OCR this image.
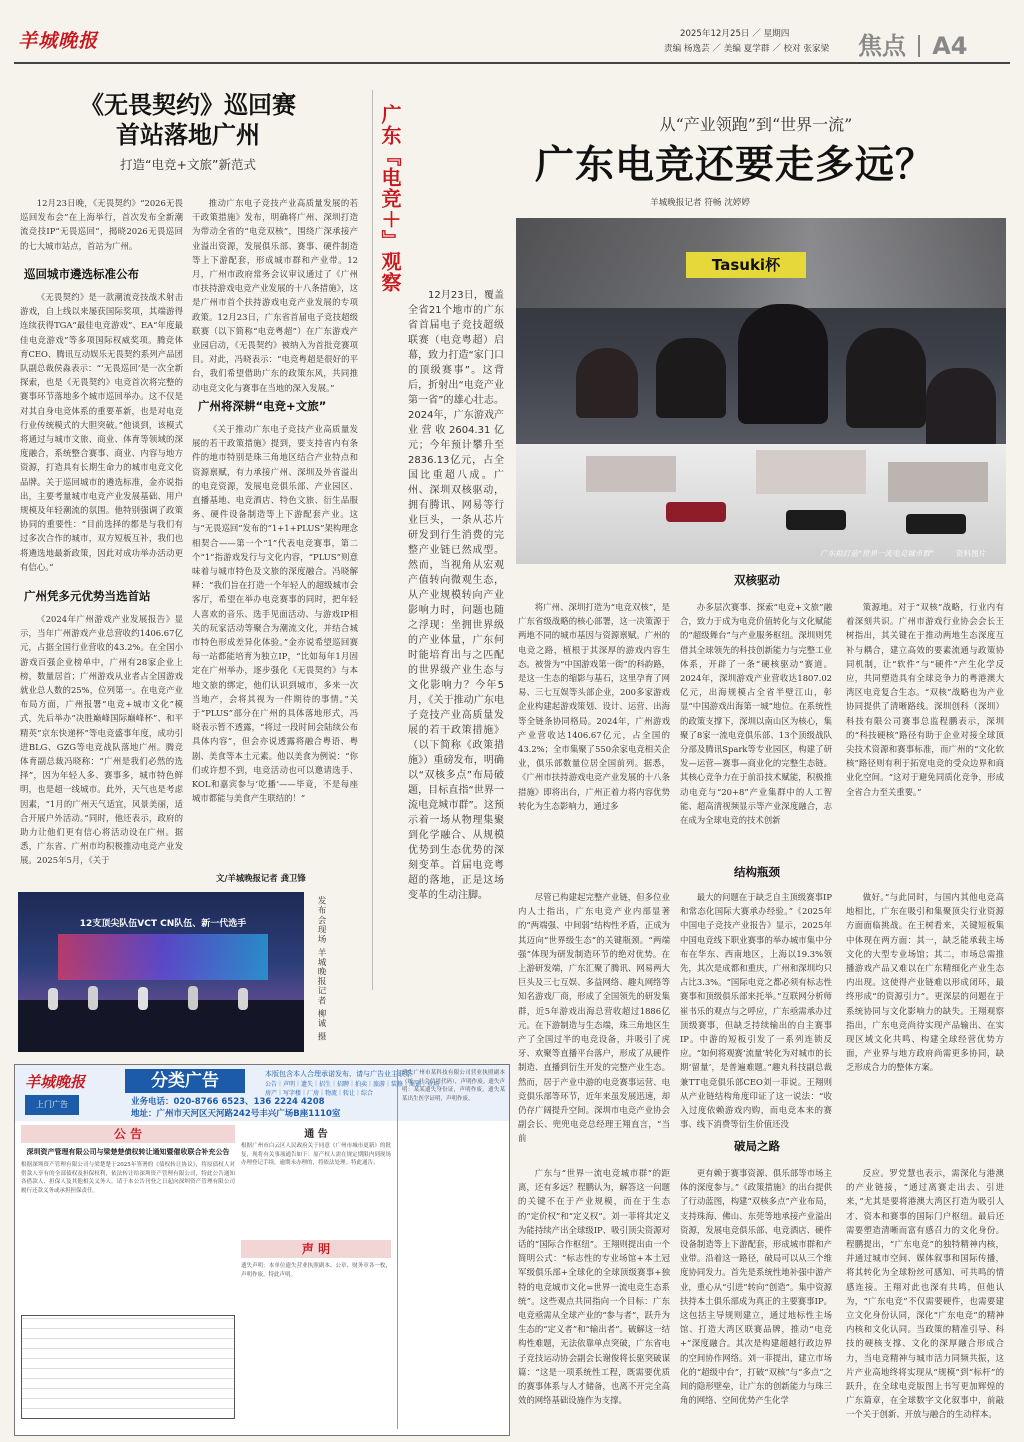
羊城晚报	2025年12月25日 ／ 星期四
责编 杨逸芸 ／ 美编 夏学群 ／ 校对 张家梁 焦点 A4
《无畏契约》巡回赛
首站落地广州
打造“电竞+文旅”新范式

12月23日晚，《无畏契约》“2026无畏巡回发布会”在上海举行，首次发布全新潮流竞技IP“无畏巡回”，揭晓2026无畏巡回的七大城市站点，首站为广州。

巡回城市遴选标准公布

《无畏契约》是一款潮流竞技战术射击游戏，自上线以来屡获国际奖项，其端游得连续获得TGA“最佳电竞游戏”、EA“年度最佳电竞游戏”等多项国际权威奖项。腾竞体育CEO、腾讯互动娱乐无畏契约系列产品团队副总裁侯淼表示：“‘无畏巡回’是一次全新探索，也是《无畏契约》电竞首次将完整的赛事环节落地多个城市巡回举办。这不仅是对其自身电竞体系的重要革新，也是对电竞行业传统模式的大胆突破。”他谈到，该模式将通过与城市文旅、商业、体育等领域的深度融合，系统整合赛事、商业、内容与地方资源，打造具有长期生命力的城市电竞文化品牌。关于巡回城市的遴选标准，金亦说指出，主要考量城市电竞产业发展基础、用户规模及年轻潮流的氛围。他特别强调了政策协同的重要性：“目前选择的都是与我们有过多次合作的城市，双方短板互补，我们也将遴选地最新政策，因此对成功举办活动更有信心。”

广州凭多元优势当选首站

《2024年广州游戏产业发展报告》显示，当年广州游戏产业总营收约1406.67亿元，占据全国行业营收的43.2%。在全国小游戏百强企业榜单中，广州有28家企业上榜，数量居首；广州游戏从业者占全国游戏就业总人数的25%，位列第一。在电竞产业布局方面，广州报署“电竞+城市文化”模式，先后举办“决胜巅峰国际巅峰杯”、和平精英“京东快递杯”等电竞盛事年度，成功引进BLG、GZG等电竞战队落地广州。腾竞体育副总裁冯晓称：“广州是我们必然的选择”，因为年轻人多、赛事多，城市特色鲜明，也是超一线城市。此外，天气也是考虑因素，“1月的广州天气适宜，风景美丽，适合开展户外活动。”同时，他还表示，政府的助力让他们更有信心将活动设在广州。据悉，广东省、广州市均积极推动电竞产业发展。2025年5月，《关于

推动广东电子竞技产业高质量发展的若干政策措施》发布，明确将广州、深圳打造为带动全省的“电竞双核”，围绕广深承接产业溢出资源，发展俱乐部、赛事、硬件制造等上下游配套，形成城市群和产业带。12月，广州市政府常务会议审议通过了《广州市扶持游戏电竞产业发展的十八条措施》，这是广州市首个扶持游戏电竞产业发展的专项政策。12月23日，广东省首届电子竞技超级联赛（以下简称“电竞粤超”）在广东游戏产业园启动，《无畏契约》被纳入为首批竞赛项目。对此，冯晓表示：“电竞粤超是很好的平台，我们希望借助广东的政策东风，共同推动电竞文化与赛事在当地的深入发展。”

广州将深耕“电竞+文旅”

《关于推动广东电子竞技产业高质量发展的若干政策措施》提到，要支持省内有条件的地市特别是珠三角地区结合产业特点和资源禀赋，有力承接广州、深圳及外省溢出的电竞资源，发展电竞俱乐部、产业园区、直播基地、电竞酒店、特色文旅、衍生品服务、硬件设备制造等上下游配套产业。这与“无畏巡回”发布的“1+1+PLUS”架构理念相契合——第一个“1”代表电竞赛事，第二个“1”指游戏发行与文化内容，“PLUS”则意味着与城市特色及文旅的深度融合。冯晓解释：“我们旨在打造一个年轻人的超级城市会客厅，希望在举办电竞赛事的同时，把年轻人喜欢的音乐、选手见面活动、与游戏IP相关的玩家活动等聚合为潮流文化，并结合城市特色形成差异化体验。”金亦说希望巡回赛每一站都能培育为独立IP，“比如每年1月固定在广州举办，逐步强化《无畏契约》与本地文旅的绑定，他们认识到城市，多来一次当地产，会将其视为一件期待的事情。”关于“PLUS”部分在广州的具体落地形式，冯晓表示暂不透露，“将过一段时间会陆续公布具体内容”，但会亦说透露将融合粤语、粤剧、美食等本土元素。他以美食为例说：“你们或许想不到，电竞活动也可以邀请选手、KOL和嘉宾参与‘吃播’——毕竟，不是每座城市都能与美食产生联结的！”

文/羊城晚报记者 龚卫锋
12支顶尖队伍VCT CN队伍、新一代选手	发布会现场 羊城晚报记者 柳诚 摄
广东『电竞＋』观察

12月23日，覆盖全省21个地市的广东省首届电子竞技超级联赛（电竞粤超）启幕，致力打造“家门口的顶级赛事”。这背后，折射出“电竞产业第一省”的雄心壮志。2024年，广东游戏产业营收2604.31亿元；今年预计攀升至2836.13亿元，占全国比重超八成。广州、深圳双核驱动，拥有腾讯、网易等行业巨头，一条从芯片研发到行生消费的完整产业链已然成型。然而，当视角从宏观产值转向微观生态，从产业规模转向产业影响力时，问题也随之浮现：坐拥世界级的产业体量，广东何时能培育出与之匹配的世界级产业生态与文化影响力？今年5月，《关于推动广东电子竞技产业高质量发展的若干政策措施》（以下简称《政策措施》）重磅发布，明确以“双核多点”布局破题，目标直指“世界一流电竞城市群”。这预示着一场从物理集聚到化学融合、从规模优势到生态优势的深刻变革。首届电竞粤超的落地，正是这场变革的生动注脚。

从“产业领跑”到“世界一流”
广东电竞还要走多远？
羊城晚报记者 符畅 沈婷婷
Tasuki杯
广东拟打造“世界一流电竞城市群”	资料图片
双核驱动

将广州、深圳打造为“电竞双核”，是广东省级战略的核心部署，这一决策源于两地不同的城市基因与资源禀赋。广州的电竞之路，植根于其深厚的游戏内容生态。被誉为“中国游戏第一街”的科韵路，是这一生态的缩影与基石，这里孕育了网易、三七互娱等头部企业，200多家游戏企业构建起游戏策划、设计、运营、出海等全链条协同格局。2024年，广州游戏产业营收达1406.67亿元，占全国的43.2%；全市集聚了550余家电竞相关企业，俱乐部数量位居全国前列。据悉，《广州市扶持游戏电竞产业发展的十八条措施》即将出台，广州正着力将内容优势转化为生态影响力，通过多

办多层次赛事、探索“电竞+文旅”融合，致力于成为电竞价值转化与文化赋能的“超级舞台”与产业服务枢纽。深圳则凭借其全球领先的科技创新能力与完整工业体系，开辟了一条“硬核驱动”赛道。2024年，深圳游戏产业营收达1807.02亿元，出海规模占全省半壁江山，彰显“中国游戏出海第一城”地位。在系统性的政策支撑下，深圳以南山区为核心，集聚了8家一流电竞俱乐部、13个顶级战队分部及腾讯Spark等专业园区，构建了研发—运营—赛事—商业化的完整生态链。其核心竞争力在于前沿技术赋能，积极推动电竞与“20+8”产业集群中的人工智能、超高清视频显示等产业深度融合，志在成为全球电竞的技术创新

策源地。对于“双核”战略，行业内有着深刻共识。广州市游戏行业协会会长王树指出，其关键在于推动两地生态深度互补与耦合，建立高效的要素流通与政策协同机制，让“软件”与“硬件”产生化学反应，共同塑造具有全球竞争力的粤港澳大湾区电竞复合生态。“双核”战略也为产业协同提供了清晰路线。深圳创科（深圳）科技有限公司赛事总监程鹏表示，深圳的“科技硬核”路径有助于企业对接全球顶尖技术资源和赛事标准，而广州的“文化软核”路径则有利于拓宽电竞的受众边界和商业化空间。“这对于避免同质化竞争，形成全省合力至关重要。”

结构瓶颈

尽管已构建起完整产业链，但多位业内人士指出，广东电竞产业内部显著的“两端强、中间弱”结构性矛盾，正成为其迈向“世界级生态”的关键瓶颈。“两端强”体现为研发制造环节的绝对优势。在上游研发端，广东汇聚了腾讯、网易两大巨头及三七互娱、多益网络、趣丸网络等知名游戏厂商，形成了全国领先的研发集群，近5年游戏出海总营收超过1886亿元。在下游制造与生态端，珠三角地区生产了全国过半的电竞设备，并吸引了虎牙、欢聚等直播平台落户，形成了从硬件制造、直播到衍生开发的完整产业生态。然而，居于产业中游的电竞赛事运营、电竞俱乐部等环节，近年来虽发展迅速，却仍存广阔提升空间。深圳市电竞产业协会副会长、兜兜电竞总经理王翔直言，“当前

最大的问题在于缺乏自主顶级赛事IP和常态化国际大赛承办经验。”《2025年中国电子竞技产业报告》显示，2025年中国电竞线下职业赛事的举办城市集中分布在华东、西南地区，上海以19.3%领先，其次是成都和重庆，广州和深圳均只占比3.3%。“国际电竞之都必须有标志性赛事和顶级俱乐部来托举。”互联网分析师崔书乐的观点与之呼应，广东亟需承办过顶级赛事，但缺乏持续输出的自主赛事IP。中游的短板引发了一系列连锁反应。“如何将观赛‘流量’转化为对城市的长期‘留量’，是普遍难题。”趣丸科技副总裁兼TT电竞俱乐部CEO刘一菲说。王翔则从产业链结构角度印证了这一说法：“收入过度依赖游戏内购，而电竞本来的赛事、线下消费等衍生价值还没

做好。”与此同时，与国内其他电竞高地相比，广东在吸引和集聚顶尖行业资源方面面临挑战。在王树看来，关键短板集中体现在两方面：其一，缺乏能承载主场文化的大型专业场馆；其二，市场总需推播游戏产品又难以在广东精细化产业生态内出现。这使得产业链难以形成闭环，最终形成“的资源引力”。更深层的问题在于系统协同与文化影响力的缺失。王翔观察指出，广东电竞尚待实现产品输出、在实现区域文化共鸣、构建全球经营优势方面，产业界与地方政府尚需更多协同，缺乏形成合力的整体方案。

破局之路

广东与“世界一流电竞城市群”的距离，还有多远？程鹏认为，解答这一问题的关键不在于产业规模，而在于生态的“定价权”和“定义权”。刘一菲将其定义为能持续产出全球级IP、吸引顶尖资源对话的“国际合作枢纽”。王翔则提出由一个简明公式：“标志性的专业场馆+本土冠军级俱乐部+全球化的全球顶级赛事+独特的电竞城市文化=世界一流电竞生态系统”。这些观点共同指向一个目标：广东电竞亟需从全球产业的“参与者”，跃升为生态的“定义者”和“输出者”。破解这一结构性难题，无法依靠单点突破，广东省电子竞技运动协会副会长谢俊将长驱突破谋篇：“这是一项系统性工程，既需要优质的赛事体系与人才储备，也离不开完全高效的网络基础设施作为支撑。

更有赖于赛事资源、俱乐部等市场主体的深度参与。”《政策措施》的出台提供了行动蓝图，构建“双核多点”产业布局，支持珠海、佛山、东莞等地承接产业溢出资源，发展电竞俱乐部、电竞酒店、硬件设备制造等上下游配套，形成城市群和产业带。沿着这一路径，破局可以从三个维度协同发力。首先是系统性地补强中游产业，重心从“引进”转向“创造”。集中资源扶持本土俱乐部成为真正的主要赛事IP。这包括主导规则建立，通过地标性主场馆、打造大湾区联赛品牌，推动“电竞+”深度融合。其次是构建超越行政边界的空间协作网络。刘一菲提出，建立市场化的“超级中台”，打破“双核”与“多点”之间的隐形壁垒，让广东的创新能力与珠三角的网络、空间优势产生化学

反应。罗党慧也表示，需深化与港澳的产业链接，“通过离赛走出去、引进来，”尤其是要将港澳大湾区打造为吸引人才、资本和赛事的国际门户枢纽。最后还需要塑造清晰而富有感召力的文化身份。程鹏提出，“广东电竞”的独特精神内核，并通过城市空间、媒体叙事和国际传播，将其转化为全球粉丝可感知、可共鸣的情感连接。王翔对此也深有共鸣，但他认为，“广东电竞”不仅需要硬件，也需要建立文化身份认同，深化“广东电竞”的精神内核和文化认同。当政策的精准引导、科技的硬核支撑、文化的深厚融合形成合力，当电竞精神与城市活力同频共振，这片产业高地终将实现从“规模”到“标杆”的跃升，在全球电竞版图上书写更加辉煌的广东篇章，在全球数字文化叙事中，前敲一个关于创新、开放与融合的生动样本。

羊城晚报	分类广告	本版包含本人合理承诺发布、请与广告业主联系
公告｜声明｜遗失｜招生｜招聘｜拍卖｜旅游｜装修｜商铺｜市场｜房产｜写字楼｜厂房｜物流｜转让｜综合
上门广告	业务电话：020-8766 6523、136 2224 4208
地址：广州市天河区天河路242号丰兴广场B座1110室
公 告
深圳资产管理有限公司与梁楚楚债权转让通知暨催收联合补充公告
根据深圳资产管理有限公司与梁楚楚于2025年签署的《债权转让协议》，将原债权人对借款人享有的全部债权及担保权利，依法转让给深圳资产管理有限公司，特此公告通知各借款人、担保人及其他相关义务人。请于本公告刊登之日起向深圳资产管理有限公司履行还款义务或承担担保责任。
通 告
根据广州市白云区人民政府关于同意《广州市城市更新》的批复，现将有关事项通告如下：原产权人需在规定期限内到现场办理登记手续，逾期未办理的，将依法处理。特此通告。
声 明
遗失声明：本单位遗失营业执照副本、公章、财务章各一枚，声明作废。特此声明。
遗失广州市某科技有限公司营业执照副本（统一社会信用代码），声明作废。遗失声明：某某遗失身份证，声明作废。遗失某某出生医学证明，声明作废。
